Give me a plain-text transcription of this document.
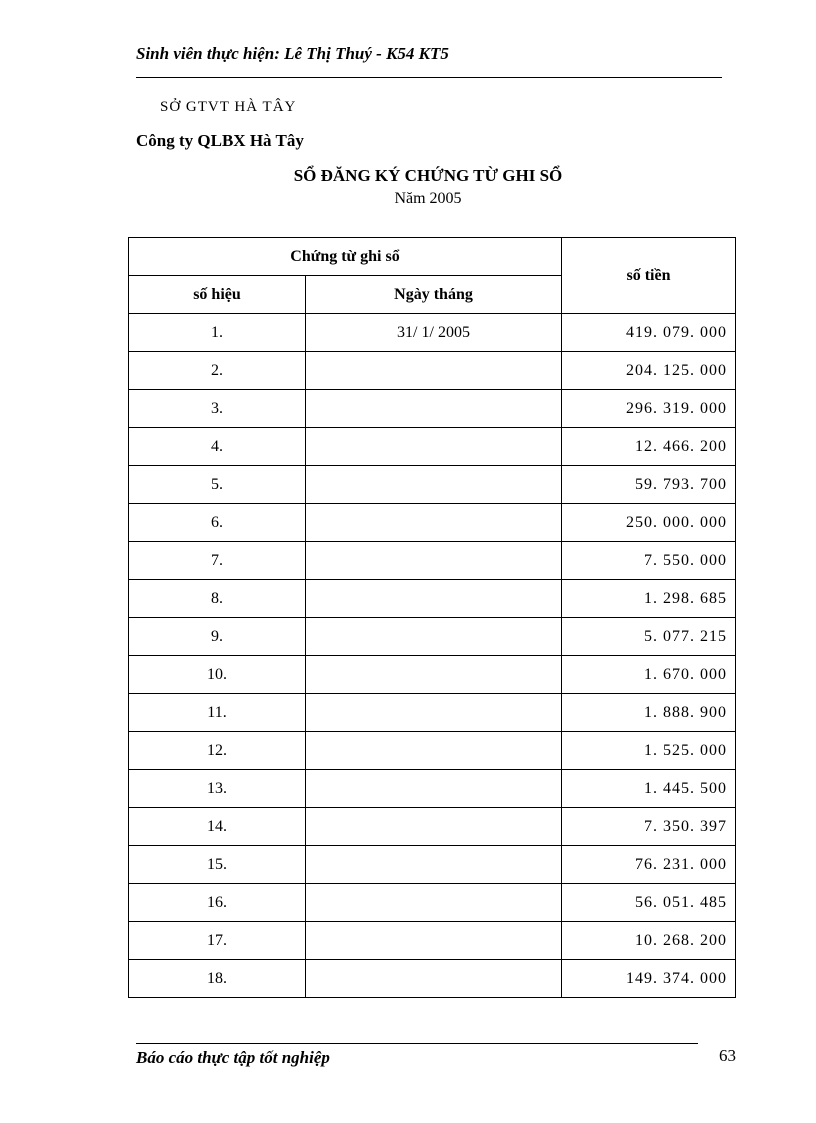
Sinh viên thực hiện: Lê Thị Thuý - K54 KT5
SỞ GTVT HÀ TÂY
Công ty QLBX Hà Tây
SỔ ĐĂNG KÝ CHỨNG TỪ GHI SỔ
Năm 2005
Chứng từ ghi sổ		số tiền
số hiệu	Ngày tháng	
1.	31/ 1/ 2005	419. 079. 000
2.		204. 125. 000
3.		296. 319. 000
4.		12. 466. 200
5.		59. 793. 700
6.		250. 000. 000
7.		7. 550. 000
8.		1. 298. 685
9.		5. 077. 215
10.		1. 670. 000
11.		1. 888. 900
12.		1. 525. 000
13.		1. 445. 500
14.		7. 350. 397
15.		76. 231. 000
16.		56. 051. 485
17.		10. 268. 200
18.		149. 374. 000
Báo cáo thực tập tốt nghiệp	63
